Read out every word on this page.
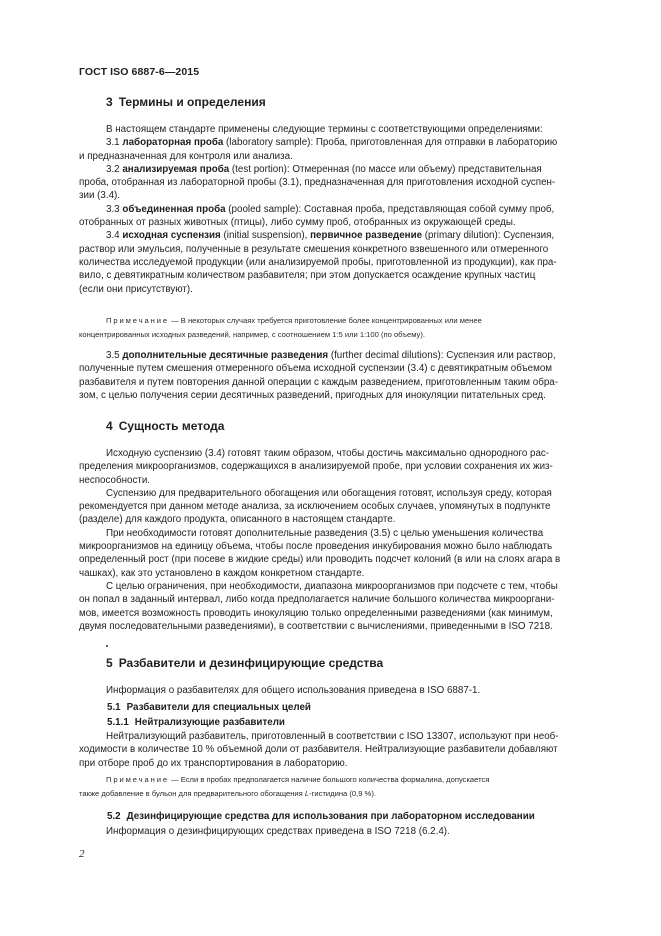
ГОСТ ISO 6887-6—2015
3 Термины и определения
В настоящем стандарте применены следующие термины с соответствующими определениями:
3.1 лабораторная проба (laboratory sample): Проба, приготовленная для отправки в лабораторию
и предназначенная для контроля или анализа.
3.2 анализируемая проба (test portion): Отмеренная (по массе или объему) представительная
проба, отобранная из лабораторной пробы (3.1), предназначенная для приготовления исходной суспен-
зии (3.4).
3.3 объединенная проба (pooled sample): Составная проба, представляющая собой сумму проб,
отобранных от разных животных (птицы), либо сумму проб, отобранных из окружающей среды.
3.4 исходная суспензия (initial suspension), первичное разведение (primary dilution): Суспензия,
раствор или эмульсия, полученные в результате смешения конкретного взвешенного или отмеренного
количества исследуемой продукции (или анализируемой пробы, приготовленной из продукции), как пра-
вило, с девятикратным количеством разбавителя; при этом допускается осаждение крупных частиц
(если они присутствуют).
Примечание — В некоторых случаях требуется приготовление более концентрированных или менее
концентрированных исходных разведений, например, с соотношением 1:5 или 1:100 (по объему).
3.5 дополнительные десятичные разведения (further decimal dilutions): Суспензия или раствор,
полученные путем смешения отмеренного объема исходной суспензии (3.4) с девятикратным объемом
разбавителя и путем повторения данной операции с каждым разведением, приготовленным таким обра-
зом, с целью получения серии десятичных разведений, пригодных для инокуляции питательных сред.
4 Сущность метода
Исходную суспензию (3.4) готовят таким образом, чтобы достичь максимально однородного рас-
пределения микроорганизмов, содержащихся в анализируемой пробе, при условии сохранения их жиз-
неспособности.
Суспензию для предварительного обогащения или обогащения готовят, используя среду, которая
рекомендуется при данном методе анализа, за исключением особых случаев, упомянутых в подпункте
(разделе) для каждого продукта, описанного в настоящем стандарте.
При необходимости готовят дополнительные разведения (3.5) с целью уменьшения количества
микроорганизмов на единицу объема, чтобы после проведения инкубирования можно было наблюдать
определенный рост (при посеве в жидкие среды) или проводить подсчет колоний (в или на слоях агара в
чашках), как это установлено в каждом конкретном стандарте.
С целью ограничения, при необходимости, диапазона микроорганизмов при подсчете с тем, чтобы
он попал в заданный интервал, либо когда предполагается наличие большого количества микрооргани-
мов, имеется возможность проводить инокуляцию только определенными разведениями (как минимум,
двумя последовательными разведениями), в соответствии с вычислениями, приведенными в ISO 7218.
5 Разбавители и дезинфицирующие средства
Информация о разбавителях для общего использования приведена в ISO 6887-1.
5.1 Разбавители для специальных целей
5.1.1 Нейтрализующие разбавители
Нейтрализующий разбавитель, приготовленный в соответствии с ISO 13307, используют при необ-
ходимости в количестве 10 % объемной доли от разбавителя. Нейтрализующие разбавители добавляют
при отборе проб до их транспортирования в лабораторию.
Примечание — Если в пробах предполагается наличие большого количества формалина, допускается
также добавление в бульон для предварительного обогащения L-гистидина (0,9 %).
5.2 Дезинфицирующие средства для использования при лабораторном исследовании
Информация о дезинфицирующих средствах приведена в ISO 7218 (6.2.4).
2
